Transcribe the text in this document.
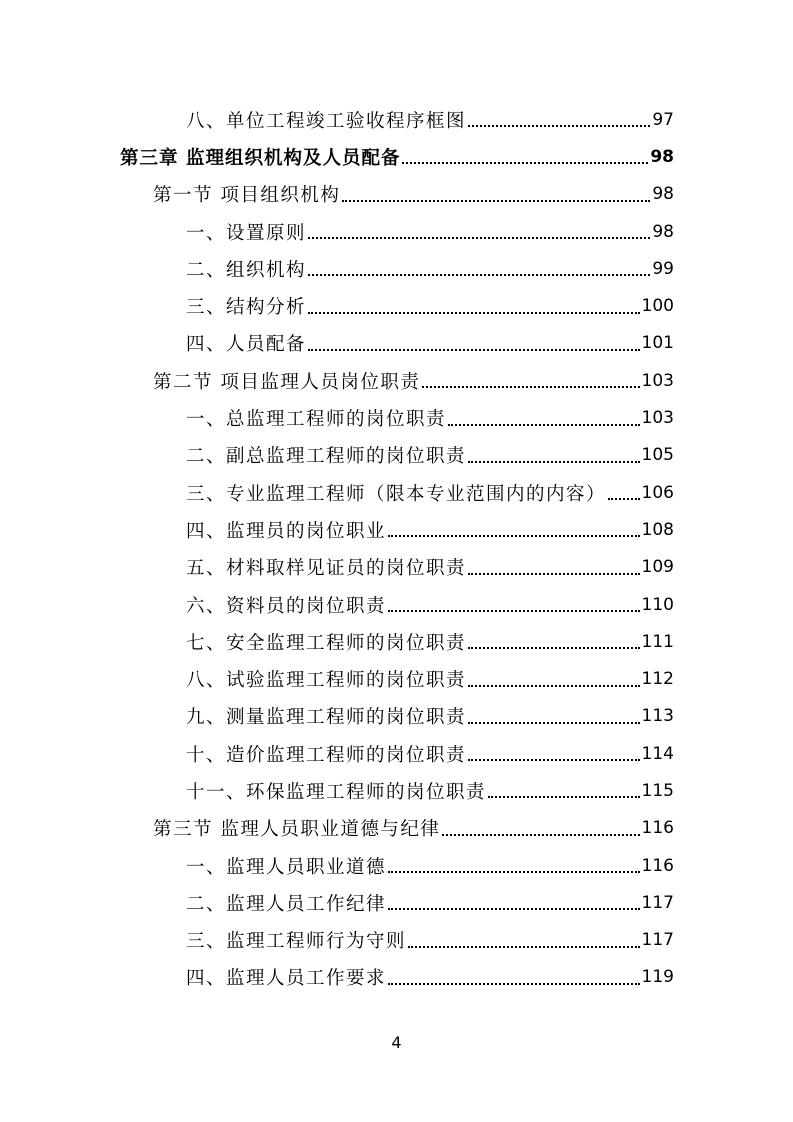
八、单位工程竣工验收程序框图	97
第三章 监理组织机构及人员配备	98
第一节 项目组织机构	98
一、设置原则	98
二、组织机构	99
三、结构分析	100
四、人员配备	101
第二节 项目监理人员岗位职责	103
一、总监理工程师的岗位职责	103
二、副总监理工程师的岗位职责	105
三、专业监理工程师（限本专业范围内的内容） 106
四、监理员的岗位职业	108
五、材料取样见证员的岗位职责	109
六、资料员的岗位职责	110
七、安全监理工程师的岗位职责	111
八、试验监理工程师的岗位职责	112
九、测量监理工程师的岗位职责	113
十、造价监理工程师的岗位职责	114
十一、环保监理工程师的岗位职责	115
第三节 监理人员职业道德与纪律	116
一、监理人员职业道德	116
二、监理人员工作纪律	117
三、监理工程师行为守则	117
四、监理人员工作要求	119
4
